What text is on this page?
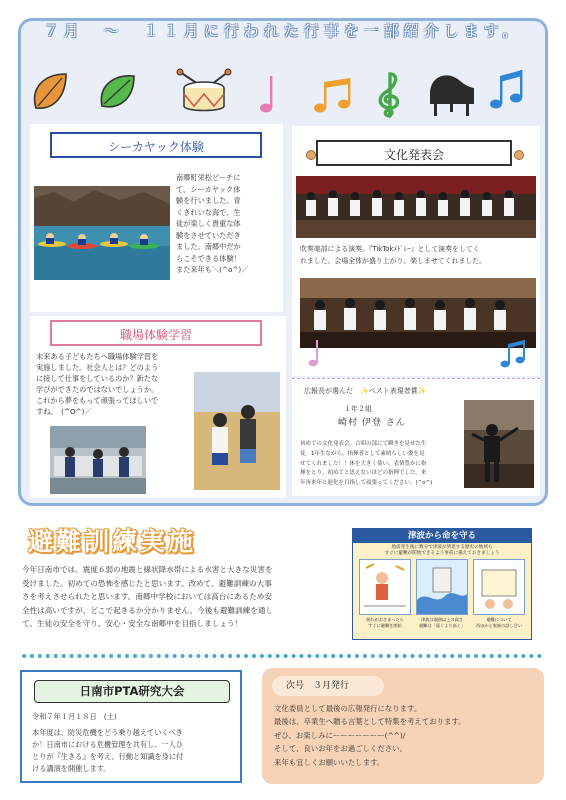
７月　～　１１月に行われた行事を一部紹介します。
シーカヤック体験
南郷町栄松ビーチに
て、シーカヤック体
験を行いました。青
くきれいな海で、生
徒が楽しく貴重な体
験をさせていただき
ました。南郷中だか
らこそできる体験！
また来年も＼(^o^)／
文化発表会
吹奏楽部による演奏。『TikTokﾒﾄﾞﾚｰ』として演奏をしてく
れました。会場全体が盛り上がり、楽しませてくれました。
職場体験学習
未来ある子どもたちへ職場体験学習を
実施しました。社会人とは？どのよう
に接して仕事をしているのか？新たな
学びができたのではないでしょうか。
これから夢をもって頑張ってほしいで
すね。　(^O^)／
広報長が選んだ　✨ベスト表現者賞✨
１年２組
崎村 伊登 さん
初めての文化発表会。合唱の部にて瞬きを見せた生
徒。1年生ながら、指揮者として素晴らしい姿を見
せてくれました！！体を大きく使い、表情豊かに指
揮をとり、初めてと思えないほどの指揮でした。来
年再来年と進化を目指して頑張ってください。(^o^)
避難訓練実施
今年日南市では、震度６弱の地震と線状降水帯による水害と大きな災害を
受けました。初めての恐怖を感じたと思います。改めて、避難訓練の大事
さを考えさせられたと思います。南郷中学校においては高台にあるため安
全性は高いですが、どこで起きるか分かりません。今後も避難訓練を通し
て、生徒の安全を守り、安心・安全な南郷中を目指しましょう！
津波から命を守る
地震発生後に数分で津波が到達する歴史の地域も
すぐに避難が開始できるよう事前に備えておきましょう
揺れがおさまったら
すぐに避難を開始
津波は頭囲以上の高さ
避難は「遠くより高く」
避難について
西ほかと家族の話し合い
日南市PTA研究大会
令和７年１月１８日　(土)
本年度は、防災危機をどう乗り越えていくべき
か！日南市における危機管理を共有し、一人ひ
とりが『生きる』を考え、行動と知識を身に付
ける講演を開催します。
次号　３月発行
文化委員として最後の広報発行になります。
最後は、卒業生へ贈る言葉として特集を考えております。
ぜひ、お楽しみにーーーーーーー(^^)/
そして、良いお年をお過ごしください。
来年も宜しくお願いいたします。
